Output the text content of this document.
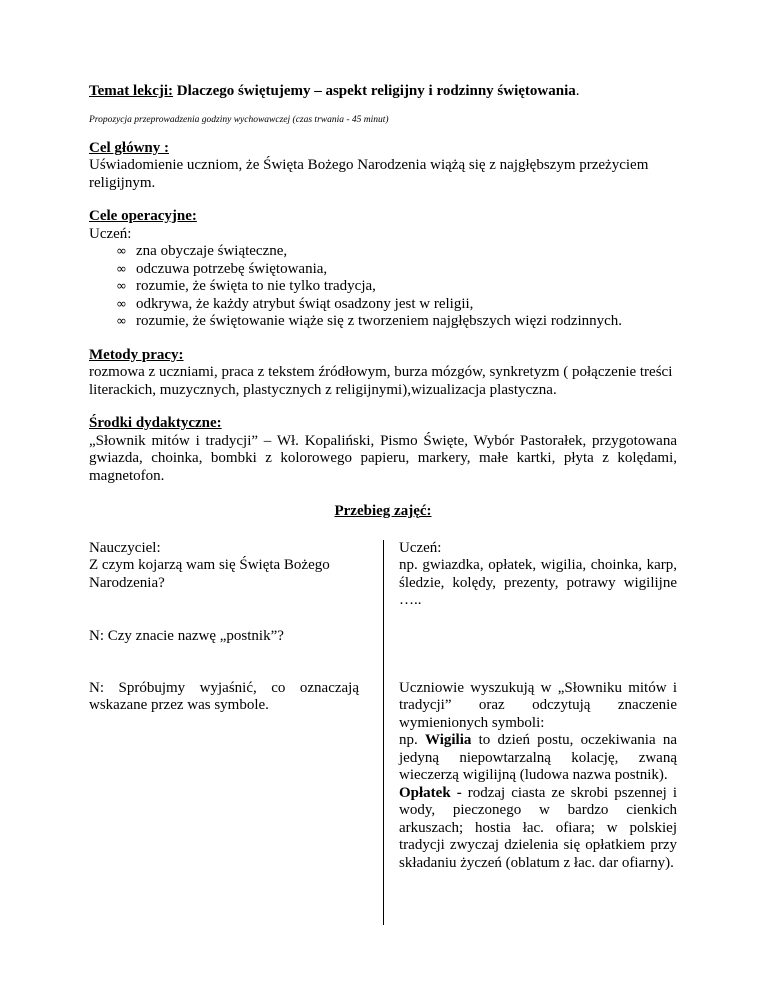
Temat lekcji: Dlaczego świętujemy – aspekt religijny i rodzinny świętowania.
Propozycja przeprowadzenia godziny wychowawczej (czas trwania - 45 minut)
Cel główny :
Uświadomienie uczniom, że Święta Bożego Narodzenia wiążą się z najgłębszym przeżyciem religijnym.
Cele operacyjne:
Uczeń:
∞ zna obyczaje świąteczne,
∞ odczuwa potrzebę świętowania,
∞ rozumie, że święta to nie tylko tradycja,
∞ odkrywa, że każdy atrybut świąt osadzony jest w religii,
∞ rozumie, że świętowanie wiąże się z tworzeniem najgłębszych więzi rodzinnych.
Metody pracy:
rozmowa z uczniami, praca z tekstem źródłowym, burza mózgów, synkretyzm ( połączenie treści literackich, muzycznych, plastycznych z religijnymi),wizualizacja plastyczna.
Środki dydaktyczne:
„Słownik mitów i tradycji” – Wł. Kopaliński, Pismo Święte, Wybór Pastorałek, przygotowana gwiazda, choinka, bombki z kolorowego papieru, markery, małe kartki, płyta z kolędami, magnetofon.
Przebieg zajęć:
Nauczyciel:
Z czym kojarzą wam się Święta Bożego Narodzenia?
Uczeń:
np. gwiazdka, opłatek, wigilia, choinka, karp, śledzie, kolędy, prezenty, potrawy wigilijne …..
N: Czy znacie nazwę „postnik”?
N: Spróbujmy wyjaśnić, co oznaczają wskazane przez was symbole.
Uczniowie wyszukują w „Słowniku mitów i tradycji” oraz odczytują znaczenie wymienionych symboli:
np. Wigilia to dzień postu, oczekiwania na jedyną niepowtarzalną kolację, zwaną wieczerzą wigilijną (ludowa nazwa postnik).
Opłatek - rodzaj ciasta ze skrobi pszennej i wody, pieczonego w bardzo cienkich arkuszach; hostia łac. ofiara; w polskiej tradycji zwyczaj dzielenia się opłatkiem przy składaniu życzeń (oblatum z łac. dar ofiarny).
